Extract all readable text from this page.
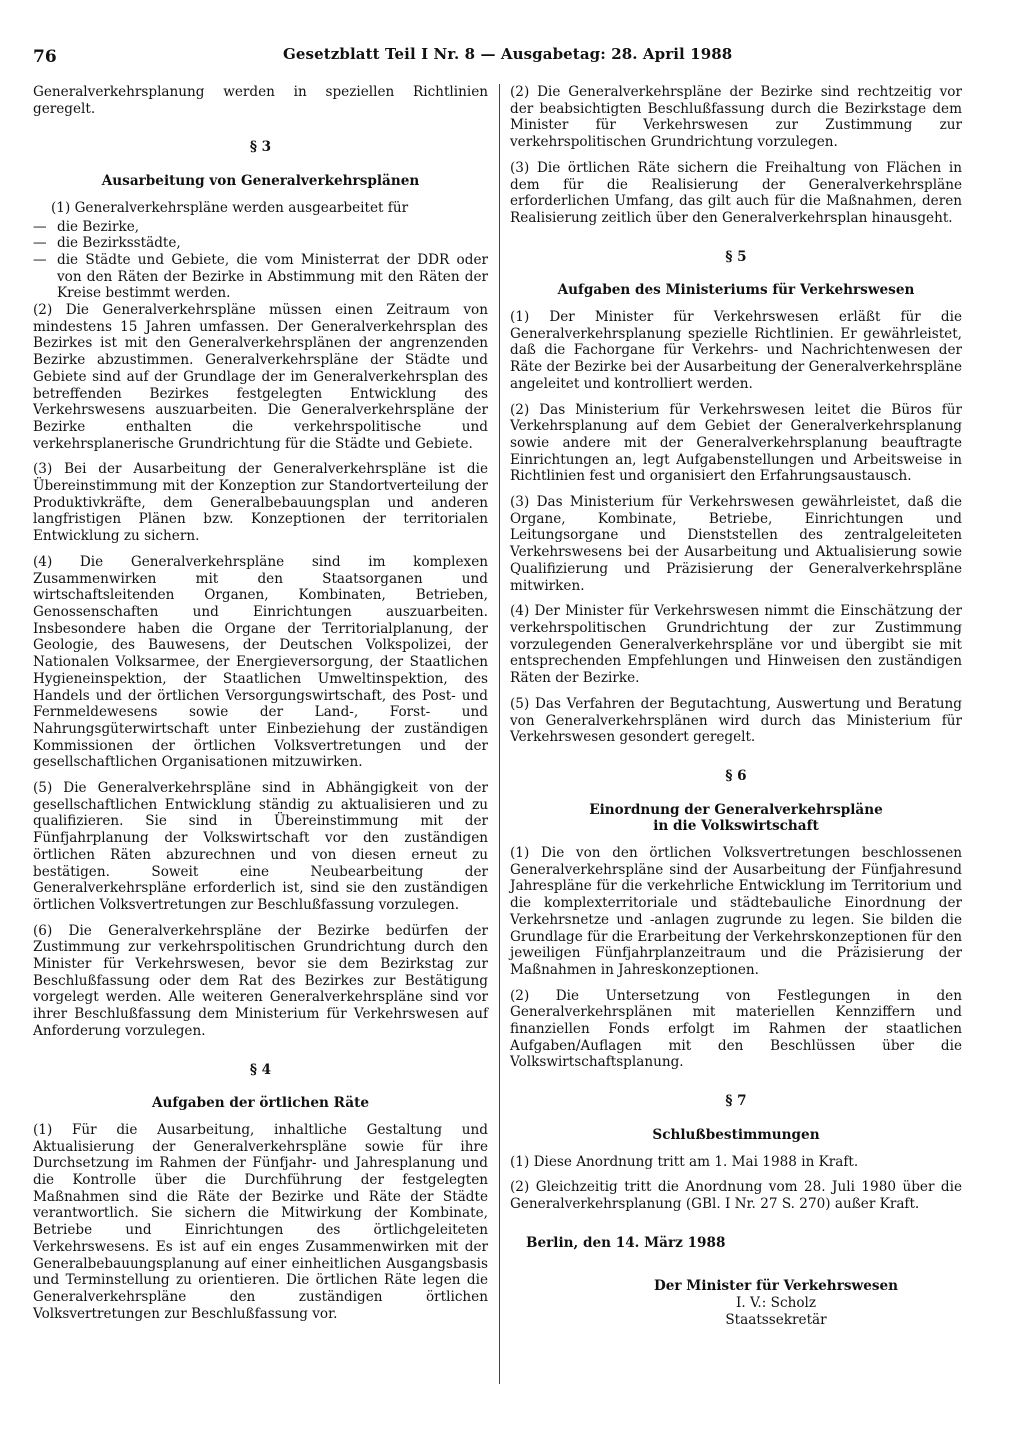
76	Gesetzblatt Teil I Nr. 8 — Ausgabetag: 28. April 1988

Generalverkehrsplanung werden in speziellen Richtlinien geregelt.

§ 3

Ausarbeitung von Generalverkehrsplänen

(1) Generalverkehrspläne werden ausgearbeitet für

— die Bezirke,
— die Bezirksstädte,
— die Städte und Gebiete, die vom Ministerrat der DDR oder von den Räten der Bezirke in Abstimmung mit den Räten der Kreise bestimmt werden.

(2) Die Generalverkehrspläne müssen einen Zeitraum von mindestens 15 Jahren umfassen. Der Generalverkehrsplan des Bezirkes ist mit den Generalverkehrsplänen der angrenzenden Bezirke abzustimmen. Generalverkehrspläne der Städte und Gebiete sind auf der Grundlage der im Generalverkehrsplan des betreffenden Bezirkes festgelegten Entwicklung des Verkehrswesens auszuarbeiten. Die Generalverkehrspläne der Bezirke enthalten die verkehrspolitische und verkehrsplanerische Grundrichtung für die Städte und Gebiete.

(3) Bei der Ausarbeitung der Generalverkehrspläne ist die Übereinstimmung mit der Konzeption zur Standortverteilung der Produktivkräfte, dem Generalbebauungsplan und anderen langfristigen Plänen bzw. Konzeptionen der territorialen Entwicklung zu sichern.

(4) Die Generalverkehrspläne sind im komplexen Zusammenwirken mit den Staatsorganen und wirtschaftsleitenden Organen, Kombinaten, Betrieben, Genossenschaften und Einrichtungen auszuarbeiten. Insbesondere haben die Organe der Territorialplanung, der Geologie, des Bauwesens, der Deutschen Volkspolizei, der Nationalen Volksarmee, der Energieversorgung, der Staatlichen Hygieneinspektion, der Staatlichen Umweltinspektion, des Handels und der örtlichen Versorgungswirtschaft, des Post- und Fernmeldewesens sowie der Land-, Forst- und Nahrungsgüterwirtschaft unter Einbeziehung der zuständigen Kommissionen der örtlichen Volksvertretungen und der gesellschaftlichen Organisationen mitzuwirken.

(5) Die Generalverkehrspläne sind in Abhängigkeit von der gesellschaftlichen Entwicklung ständig zu aktualisieren und zu qualifizieren. Sie sind in Übereinstimmung mit der Fünfjahrplanung der Volkswirtschaft vor den zuständigen örtlichen Räten abzurechnen und von diesen erneut zu bestätigen. Soweit eine Neubearbeitung der Generalverkehrspläne erforderlich ist, sind sie den zuständigen örtlichen Volksvertretungen zur Beschlußfassung vorzulegen.

(6) Die Generalverkehrspläne der Bezirke bedürfen der Zustimmung zur verkehrspolitischen Grundrichtung durch den Minister für Verkehrswesen, bevor sie dem Bezirkstag zur Beschlußfassung oder dem Rat des Bezirkes zur Bestätigung vorgelegt werden. Alle weiteren Generalverkehrspläne sind vor ihrer Beschlußfassung dem Ministerium für Verkehrswesen auf Anforderung vorzulegen.

§ 4

Aufgaben der örtlichen Räte

(1) Für die Ausarbeitung, inhaltliche Gestaltung und Aktualisierung der Generalverkehrspläne sowie für ihre Durchsetzung im Rahmen der Fünfjahr- und Jahresplanung und die Kontrolle über die Durchführung der festgelegten Maßnahmen sind die Räte der Bezirke und Räte der Städte verantwortlich. Sie sichern die Mitwirkung der Kombinate, Betriebe und Einrichtungen des örtlichgeleiteten Verkehrswesens. Es ist auf ein enges Zusammenwirken mit der Generalbebauungsplanung auf einer einheitlichen Ausgangsbasis und Terminstellung zu orientieren. Die örtlichen Räte legen die Generalverkehrspläne den zuständigen örtlichen Volksvertretungen zur Beschlußfassung vor.

(2) Die Generalverkehrspläne der Bezirke sind rechtzeitig vor der beabsichtigten Beschlußfassung durch die Bezirkstage dem Minister für Verkehrswesen zur Zustimmung zur verkehrspolitischen Grundrichtung vorzulegen.

(3) Die örtlichen Räte sichern die Freihaltung von Flächen in dem für die Realisierung der Generalverkehrspläne erforderlichen Umfang, das gilt auch für die Maßnahmen, deren Realisierung zeitlich über den Generalverkehrsplan hinausgeht.

§ 5

Aufgaben des Ministeriums für Verkehrswesen

(1) Der Minister für Verkehrswesen erläßt für die Generalverkehrsplanung spezielle Richtlinien. Er gewährleistet, daß die Fachorgane für Verkehrs- und Nachrichtenwesen der Räte der Bezirke bei der Ausarbeitung der Generalverkehrspläne angeleitet und kontrolliert werden.

(2) Das Ministerium für Verkehrswesen leitet die Büros für Verkehrsplanung auf dem Gebiet der Generalverkehrsplanung sowie andere mit der Generalverkehrsplanung beauftragte Einrichtungen an, legt Aufgabenstellungen und Arbeitsweise in Richtlinien fest und organisiert den Erfahrungsaustausch.

(3) Das Ministerium für Verkehrswesen gewährleistet, daß die Organe, Kombinate, Betriebe, Einrichtungen und Leitungsorgane und Dienststellen des zentralgeleiteten Verkehrswesens bei der Ausarbeitung und Aktualisierung sowie Qualifizierung und Präzisierung der Generalverkehrspläne mitwirken.

(4) Der Minister für Verkehrswesen nimmt die Einschätzung der verkehrspolitischen Grundrichtung der zur Zustimmung vorzulegenden Generalverkehrspläne vor und übergibt sie mit entsprechenden Empfehlungen und Hinweisen den zuständigen Räten der Bezirke.

(5) Das Verfahren der Begutachtung, Auswertung und Beratung von Generalverkehrsplänen wird durch das Ministerium für Verkehrswesen gesondert geregelt.

§ 6

Einordnung der Generalverkehrspläne

in die Volkswirtschaft

(1) Die von den örtlichen Volksvertretungen beschlossenen Generalverkehrspläne sind der Ausarbeitung der Fünfjahresund Jahrespläne für die verkehrliche Entwicklung im Territorium und die komplexterritoriale und städtebauliche Einordnung der Verkehrsnetze und -anlagen zugrunde zu legen. Sie bilden die Grundlage für die Erarbeitung der Verkehrskonzeptionen für den jeweiligen Fünfjahrplanzeitraum und die Präzisierung der Maßnahmen in Jahreskonzeptionen.

(2) Die Untersetzung von Festlegungen in den Generalverkehrsplänen mit materiellen Kennziffern und finanziellen Fonds erfolgt im Rahmen der staatlichen Aufgaben/Auflagen mit den Beschlüssen über die Volkswirtschaftsplanung.

§ 7

Schlußbestimmungen

(1) Diese Anordnung tritt am 1. Mai 1988 in Kraft.

(2) Gleichzeitig tritt die Anordnung vom 28. Juli 1980 über die Generalverkehrsplanung (GBl. I Nr. 27 S. 270) außer Kraft.

Berlin, den 14. März 1988

Der Minister für Verkehrswesen

I. V.: Scholz

Staatssekretär
